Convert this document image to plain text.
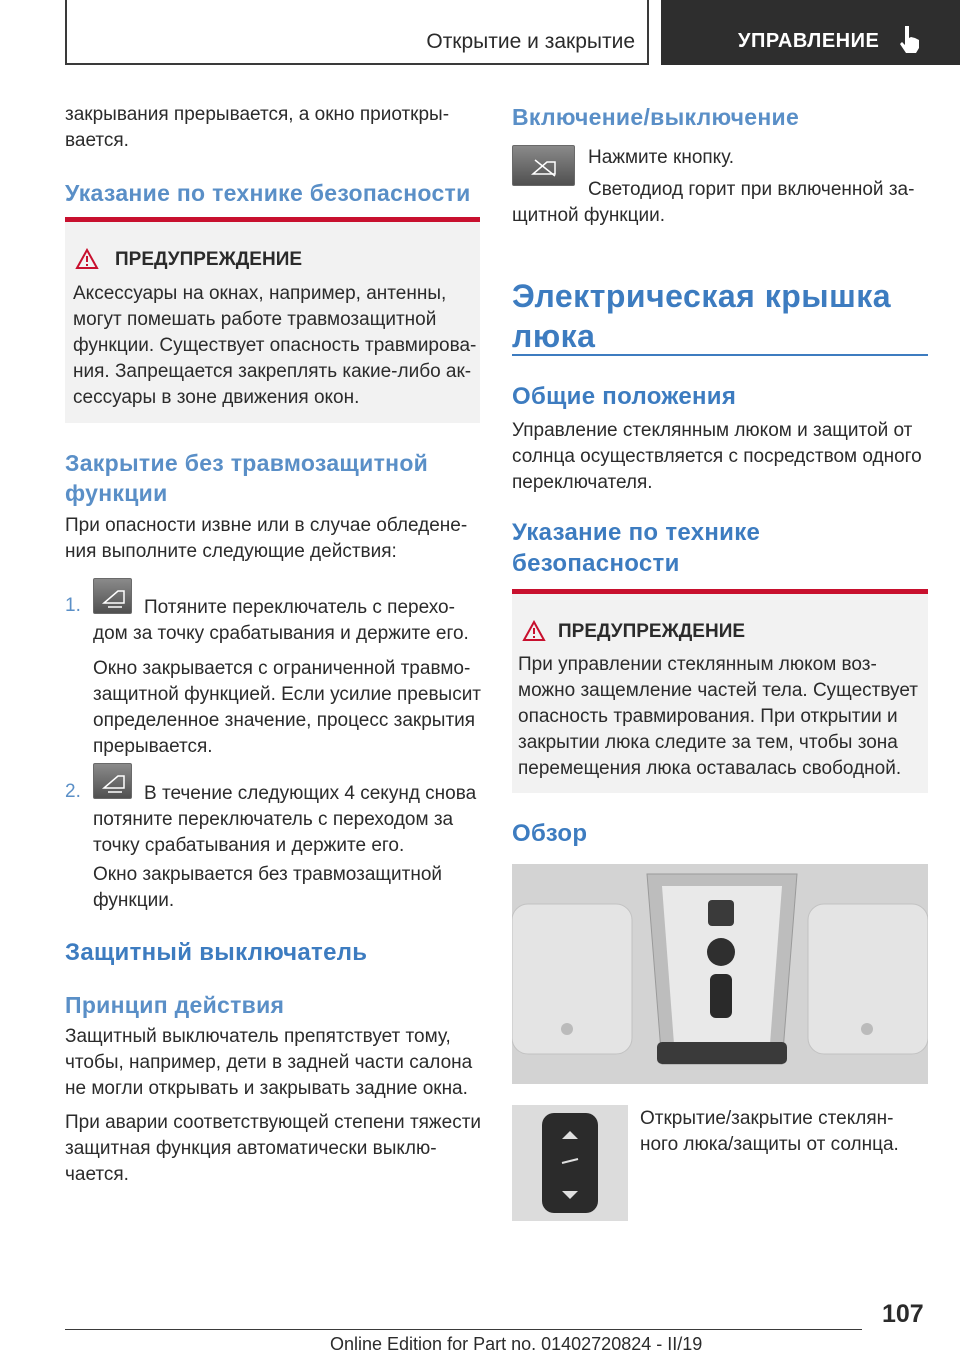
Открытие и закрытие	УПРАВЛЕНИЕ
закрывания прерывается, а окно приоткры-
вается.
Указание по технике безопасности
ПРЕДУПРЕЖДЕНИЕ
Аксессуары на окнах, например, антенны,
могут помешать работе травмозащитной
функции. Существует опасность травмирова-
ния. Запрещается закреплять какие-либо ак-
сессуары в зоне движения окон.
Закрытие без травмозащитной
функции
При опасности извне или в случае обледене-
ния выполните следующие действия:
1.	Потяните переключатель с перехо-
дом за точку срабатывания и держите его.
Окно закрывается с ограниченной травмо-
защитной функцией. Если усилие превысит
определенное значение, процесс закрытия
прерывается.
2.	В течение следующих 4 секунд снова
потяните переключатель с переходом за
точку срабатывания и держите его.
Окно закрывается без травмозащитной
функции.
Защитный выключатель
Принцип действия
Защитный выключатель препятствует тому,
чтобы, например, дети в задней части салона
не могли открывать и закрывать задние окна.
При аварии соответствующей степени тяжести
защитная функция автоматически выклю-
чается.
Включение/выключение
Нажмите кнопку.
Светодиод горит при включенной за-
щитной функции.
Электрическая крышка
люка
Общие положения
Управление стеклянным люком и защитой от
солнца осуществляется с посредством одного
переключателя.
Указание по технике
безопасности
ПРЕДУПРЕЖДЕНИЕ
При управлении стеклянным люком воз-
можно защемление частей тела. Существует
опасность травмирования. При открытии и
закрытии люка следите за тем, чтобы зона
перемещения люка оставалась свободной.
Обзор
Открытие/закрытие стеклян-
ного люка/защиты от солнца.
107
Online Edition for Part no. 01402720824 - II/19
